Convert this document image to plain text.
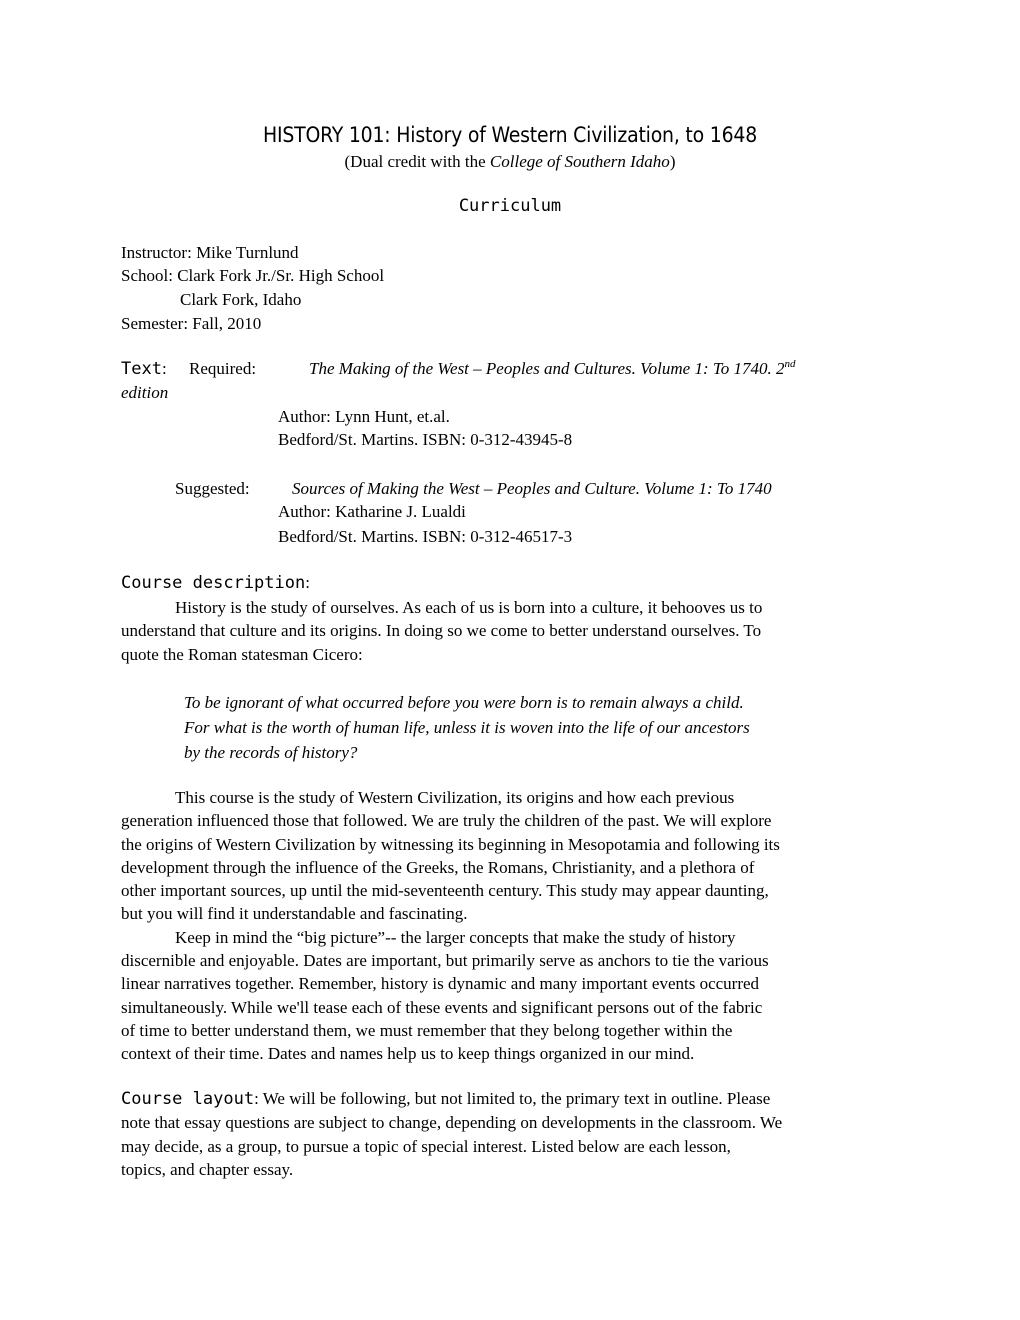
HISTORY 101: History of Western Civilization, to 1648
(Dual credit with the College of Southern Idaho)
Curriculum
Instructor: Mike Turnlund
School: Clark Fork Jr./Sr. High School
Clark Fork, Idaho
Semester: Fall, 2010
Text: Required:	The Making of the West – Peoples and Cultures. Volume 1: To 1740. 2nd
edition
Author: Lynn Hunt, et.al.
Bedford/St. Martins. ISBN: 0-312-43945-8
Suggested: Sources of Making the West – Peoples and Culture. Volume 1: To 1740
Author: Katharine J. Lualdi
Bedford/St. Martins. ISBN: 0-312-46517-3
Course description:
History is the study of ourselves. As each of us is born into a culture, it behooves us to
understand that culture and its origins. In doing so we come to better understand ourselves. To
quote the Roman statesman Cicero:
To be ignorant of what occurred before you were born is to remain always a child.
For what is the worth of human life, unless it is woven into the life of our ancestors
by the records of history?
This course is the study of Western Civilization, its origins and how each previous
generation influenced those that followed. We are truly the children of the past. We will explore
the origins of Western Civilization by witnessing its beginning in Mesopotamia and following its
development through the influence of the Greeks, the Romans, Christianity, and a plethora of
other important sources, up until the mid-seventeenth century. This study may appear daunting,
but you will find it understandable and fascinating.
Keep in mind the “big picture”-- the larger concepts that make the study of history
discernible and enjoyable. Dates are important, but primarily serve as anchors to tie the various
linear narratives together. Remember, history is dynamic and many important events occurred
simultaneously. While we'll tease each of these events and significant persons out of the fabric
of time to better understand them, we must remember that they belong together within the
context of their time. Dates and names help us to keep things organized in our mind.
Course layout: We will be following, but not limited to, the primary text in outline. Please
note that essay questions are subject to change, depending on developments in the classroom. We
may decide, as a group, to pursue a topic of special interest. Listed below are each lesson,
topics, and chapter essay.
